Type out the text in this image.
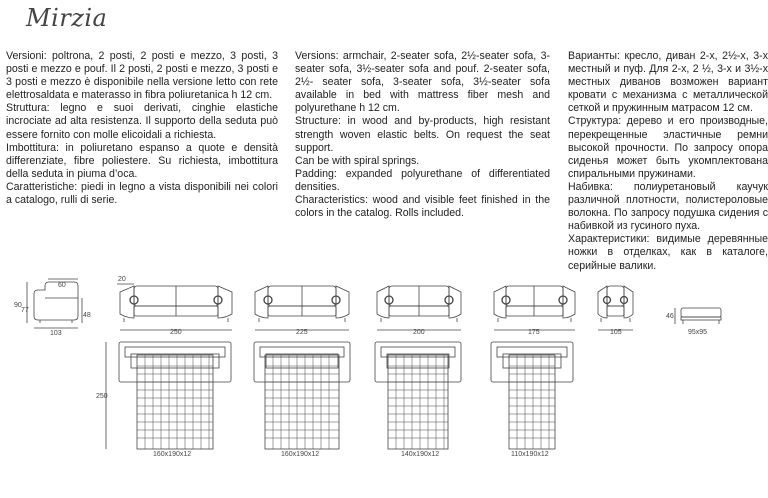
Mirzia

Versioni: poltrona, 2 posti, 2 posti e mezzo, 3 posti, 3 posti e mezzo e pouf. Il 2 posti, 2 posti e mezzo, 3 posti e 3 posti e mezzo è disponibile nella versione letto con rete elettrosaldata e materasso in fibra poliuretanica h 12 cm.

Struttura: legno e suoi derivati, cinghie elastiche incrociate ad alta resistenza. Il supporto della seduta può essere fornito con molle elicoidali a richiesta.

Imbottitura: in poliuretano espanso a quote e densità differenziate, fibre poliestere. Su richiesta, imbottitura della seduta in piuma d’oca.

Caratteristiche: piedi in legno a vista disponibili nei colori a catalogo, rulli di serie.

Versions: armchair, 2-seater sofa, 2½-seater sofa, 3-seater sofa, 3½-seater sofa and pouf. 2-seater sofa, 2½- seater sofa, 3-seater sofa, 3½-seater sofa available in bed with mattress fiber mesh and polyurethane h 12 cm.

Structure: in wood and by-products, high resistant strength woven elastic belts. On request the seat support.

Can be with spiral springs.

Padding: expanded polyurethane of differentiated densities.

Characteristics: wood and visible feet finished in the colors in the catalog. Rolls included.

Варианты: кресло, диван 2-х, 2½-х, 3-х местный и пуф. Для 2-х, 2 ½, 3-х и 3½-х местных диванов возможен вариант кровати с механизма с металлической сеткой и пружинным матрасом 12 см.

Структура: дерево и его производные, перекрещенные эластичные ремни высокой прочности. По запросу опора сиденья может быть укомплектована спиральными пружинами.

Набивка: полиуретановый каучук различной плотности, полистероловые волокна. По запросу подушка сидения с набивкой из гусиного пуха.

Характеристики: видимые деревянные ножки в отделках, как в каталоге, серийные валики.

60
103
90
77
48
20
250
250
160x190x12
225
160x190x12
200
140x190x12
175
110x190x12
105
46
95x95
